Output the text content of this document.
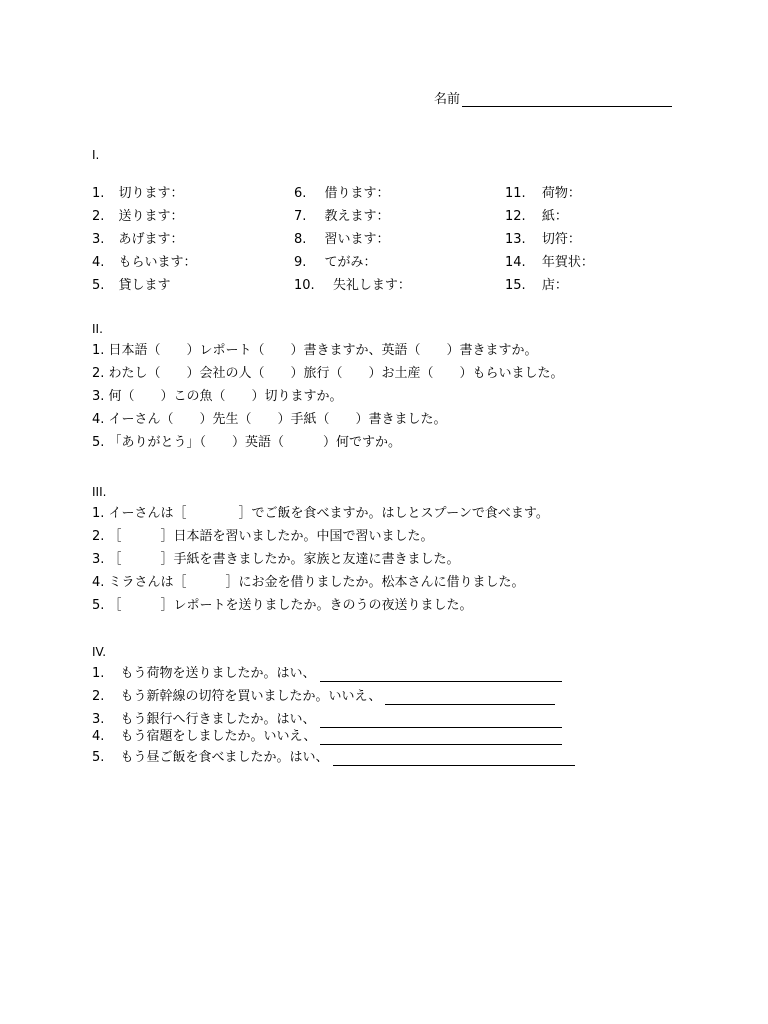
名前
I.
1. 切ります：	6. 借ります：	11. 荷物：
2. 送ります：	7. 教えます：	12. 紙：
3. あげます：	8. 習います：	13. 切符：
4. もらいます：	9. てがみ：	14. 年賀状：
5. 貸します	10. 失礼します：	15. 店：
II.
1. 日本語（　　）レポート（　　）書きますか、英語（　　）書きますか。
2. わたし（　　）会社の人（　　）旅行（　　）お土産（　　）もらいました。
3. 何（　　）この魚（　　）切りますか。
4. イーさん（　　）先生（　　）手紙（　　）書きました。
5. 「ありがとう」（　　）英語（　　　）何ですか。
III.
1. イーさんは［　　　　］でご飯を食べますか。はしとスプーンで食べます。
2. ［　　　］日本語を習いましたか。中国で習いました。
3. ［　　　］手紙を書きましたか。家族と友達に書きました。
4. ミラさんは［　　　］にお金を借りましたか。松本さんに借りました。
5. ［　　　］レポートを送りましたか。きのうの夜送りました。
IV.
1. もう荷物を送りましたか。はい、
2. もう新幹線の切符を買いましたか。いいえ、
3. もう銀行へ行きましたか。はい、
4. もう宿題をしましたか。いいえ、
5. もう昼ご飯を食べましたか。はい、
